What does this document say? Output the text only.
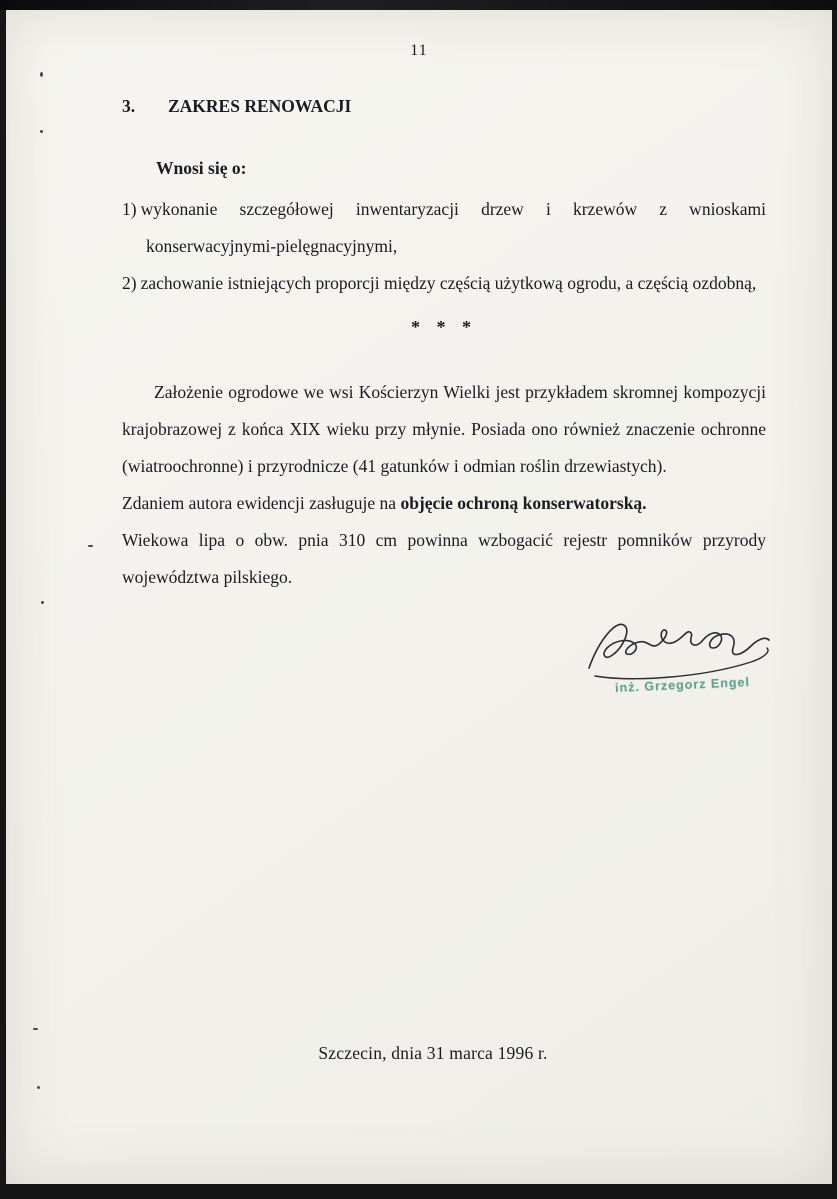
11
3. ZAKRES RENOWACJI

Wnosi się o:

1) wykonanie szczegółowej inwentaryzacji drzew i krzewów z wnioskami konserwacyjnymi-pielęgnacyjnymi,

2) zachowanie istniejących proporcji między częścią użytkową ogrodu, a częścią ozdobną,

* * *

Założenie ogrodowe we wsi Kościerzyn Wielki jest przykładem skromnej kompozycji krajobrazowej z końca XIX wieku przy młynie. Posiada ono również znaczenie ochronne (wiatroochronne) i przyrodnicze (41 gatunków i odmian roślin drzewiastych).

Zdaniem autora ewidencji zasługuje na objęcie ochroną konserwatorską.

Wiekowa lipa o obw. pnia 310 cm powinna wzbogacić rejestr pomników przyrody województwa pilskiego.

inż. Grzegorz Engel
Szczecin, dnia 31 marca 1996 r.
